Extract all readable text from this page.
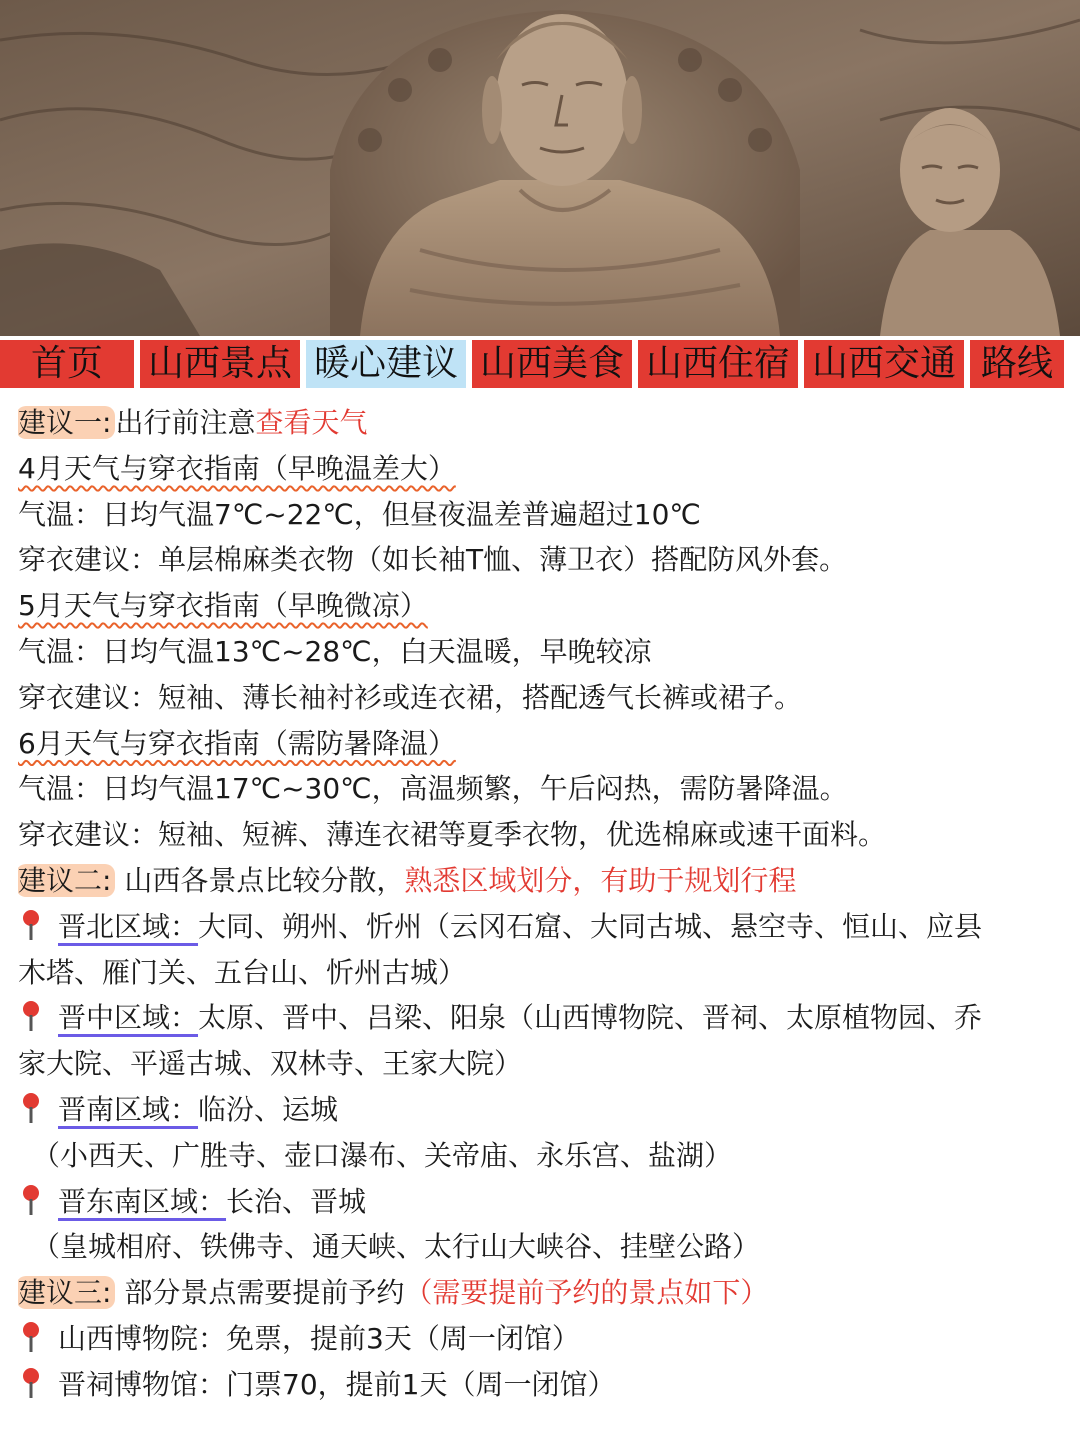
首页	山西景点 暖心建议 山西美食 山西住宿 山西交通 路线
建议一: 出行前注意查看天气
4月天气与穿衣指南（早晚温差大）
气温：日均气温7℃~22℃，但昼夜温差普遍超过10℃
穿衣建议：单层棉麻类衣物（如长袖T恤、薄卫衣）搭配防风外套。
5月天气与穿衣指南（早晚微凉）
气温：日均气温13℃~28℃，白天温暖，早晚较凉
穿衣建议：短袖、薄长袖衬衫或连衣裙，搭配透气长裤或裙子。
6月天气与穿衣指南（需防暑降温）
气温：日均气温17℃~30℃，高温频繁，午后闷热，需防暑降温。
穿衣建议：短袖、短裤、薄连衣裙等夏季衣物，优选棉麻或速干面料。
建议二: 山西各景点比较分散，熟悉区域划分，有助于规划行程
晋北区域：大同、朔州、忻州（云冈石窟、大同古城、悬空寺、恒山、应县
木塔、雁门关、五台山、忻州古城）
晋中区域：太原、晋中、吕梁、阳泉（山西博物院、晋祠、太原植物园、乔
家大院、平遥古城、双林寺、王家大院）
晋南区域：临汾、运城
（小西天、广胜寺、壶口瀑布、关帝庙、永乐宫、盐湖）
晋东南区域：长治、晋城
（皇城相府、铁佛寺、通天峡、太行山大峡谷、挂壁公路）
建议三: 部分景点需要提前予约（需要提前予约的景点如下）
山西博物院：免票，提前3天（周一闭馆）
晋祠博物馆：门票70，提前1天（周一闭馆）
